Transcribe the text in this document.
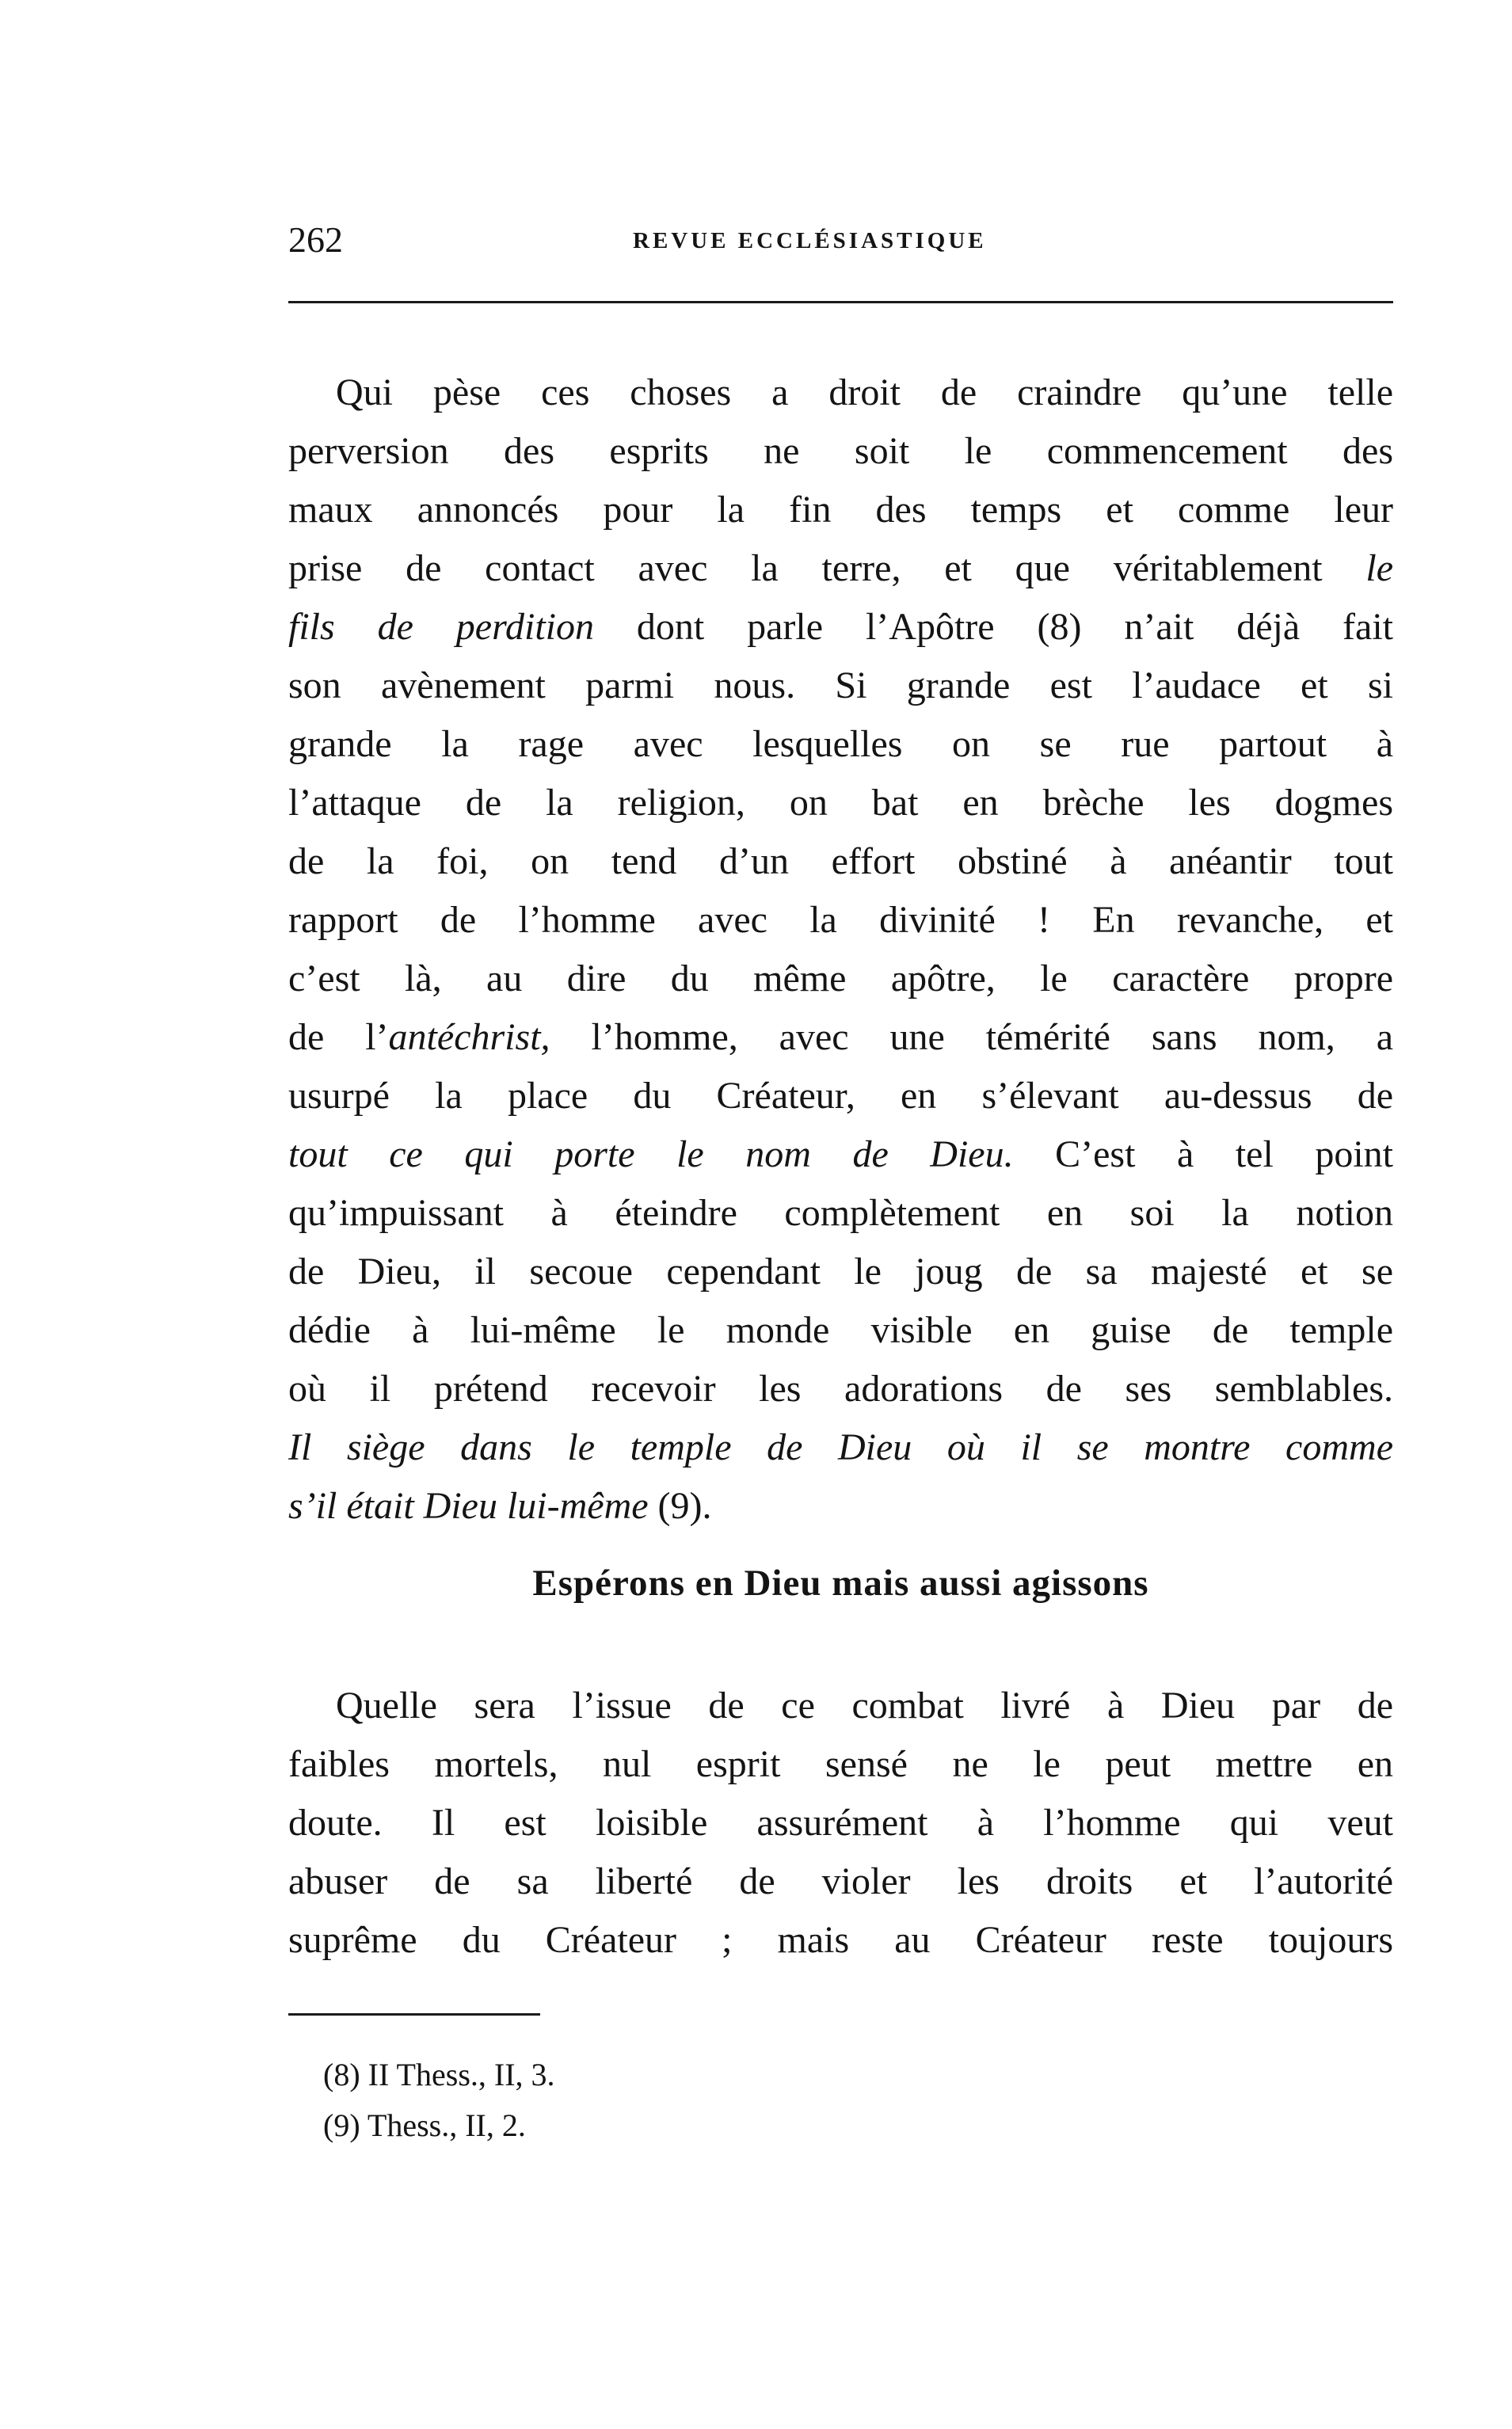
262	REVUE ECCLÉSIASTIQUE
Qui pèse ces choses a droit de craindre qu’une telle
perversion des esprits ne soit le commencement des
maux annoncés pour la fin des temps et comme leur
prise de contact avec la terre, et que véritablement le
fils de perdition dont parle l’Apôtre (8) n’ait déjà fait
son avènement parmi nous. Si grande est l’audace et si
grande la rage avec lesquelles on se rue partout à
l’attaque de la religion, on bat en brèche les dogmes
de la foi, on tend d’un effort obstiné à anéantir tout
rapport de l’homme avec la divinité ! En revanche, et
c’est là, au dire du même apôtre, le caractère propre
de l’antéchrist, l’homme, avec une témérité sans nom, a
usurpé la place du Créateur, en s’élevant au-dessus de
tout ce qui porte le nom de Dieu. C’est à tel point
qu’impuissant à éteindre complètement en soi la notion
de Dieu, il secoue cependant le joug de sa majesté et se
dédie à lui-même le monde visible en guise de temple
où il prétend recevoir les adorations de ses semblables.
Il siège dans le temple de Dieu où il se montre comme
s’il était Dieu lui-même (9).
Espérons en Dieu mais aussi agissons
Quelle sera l’issue de ce combat livré à Dieu par de
faibles mortels, nul esprit sensé ne le peut mettre en
doute. Il est loisible assurément à l’homme qui veut
abuser de sa liberté de violer les droits et l’autorité
suprême du Créateur ; mais au Créateur reste toujours
(8) II Thess., II, 3.
(9) Thess., II, 2.
